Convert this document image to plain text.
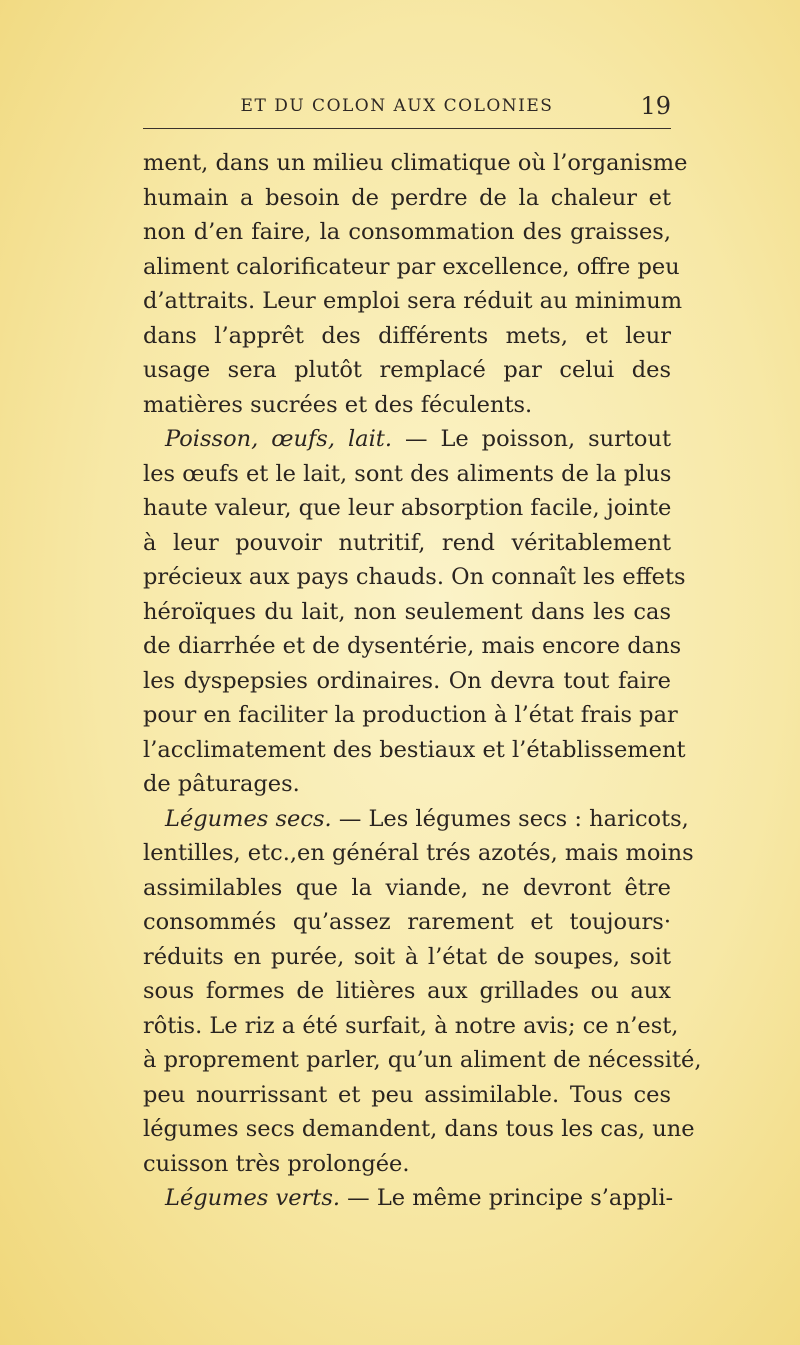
ET DU COLON AUX COLONIES	19
ment, dans un milieu climatique où l’organisme
humain a besoin de perdre de la chaleur et
non d’en faire, la consommation des graisses,
aliment calorificateur par excellence, offre peu
d’attraits. Leur emploi sera réduit au minimum
dans l’apprêt des différents mets, et leur
usage sera plutôt remplacé par celui des
matières sucrées et des féculents.
Poisson, œufs, lait. — Le poisson, surtout
les œufs et le lait, sont des aliments de la plus
haute valeur, que leur absorption facile, jointe
à leur pouvoir nutritif, rend véritablement
précieux aux pays chauds. On connaît les effets
héroïques du lait, non seulement dans les cas
de diarrhée et de dysentérie, mais encore dans
les dyspepsies ordinaires. On devra tout faire
pour en faciliter la production à l’état frais par
l’acclimatement des bestiaux et l’établissement
de pâturages.
Légumes secs. — Les légumes secs : haricots,
lentilles, etc.,en général trés azotés, mais moins
assimilables que la viande, ne devront être
consommés qu’assez rarement et toujours·
réduits en purée, soit à l’état de soupes, soit
sous formes de litières aux grillades ou aux
rôtis. Le riz a été surfait, à notre avis; ce n’est,
à proprement parler, qu’un aliment de nécessité,
peu nourrissant et peu assimilable. Tous ces
légumes secs demandent, dans tous les cas, une
cuisson très prolongée.
Légumes verts. — Le même principe s’appli-
